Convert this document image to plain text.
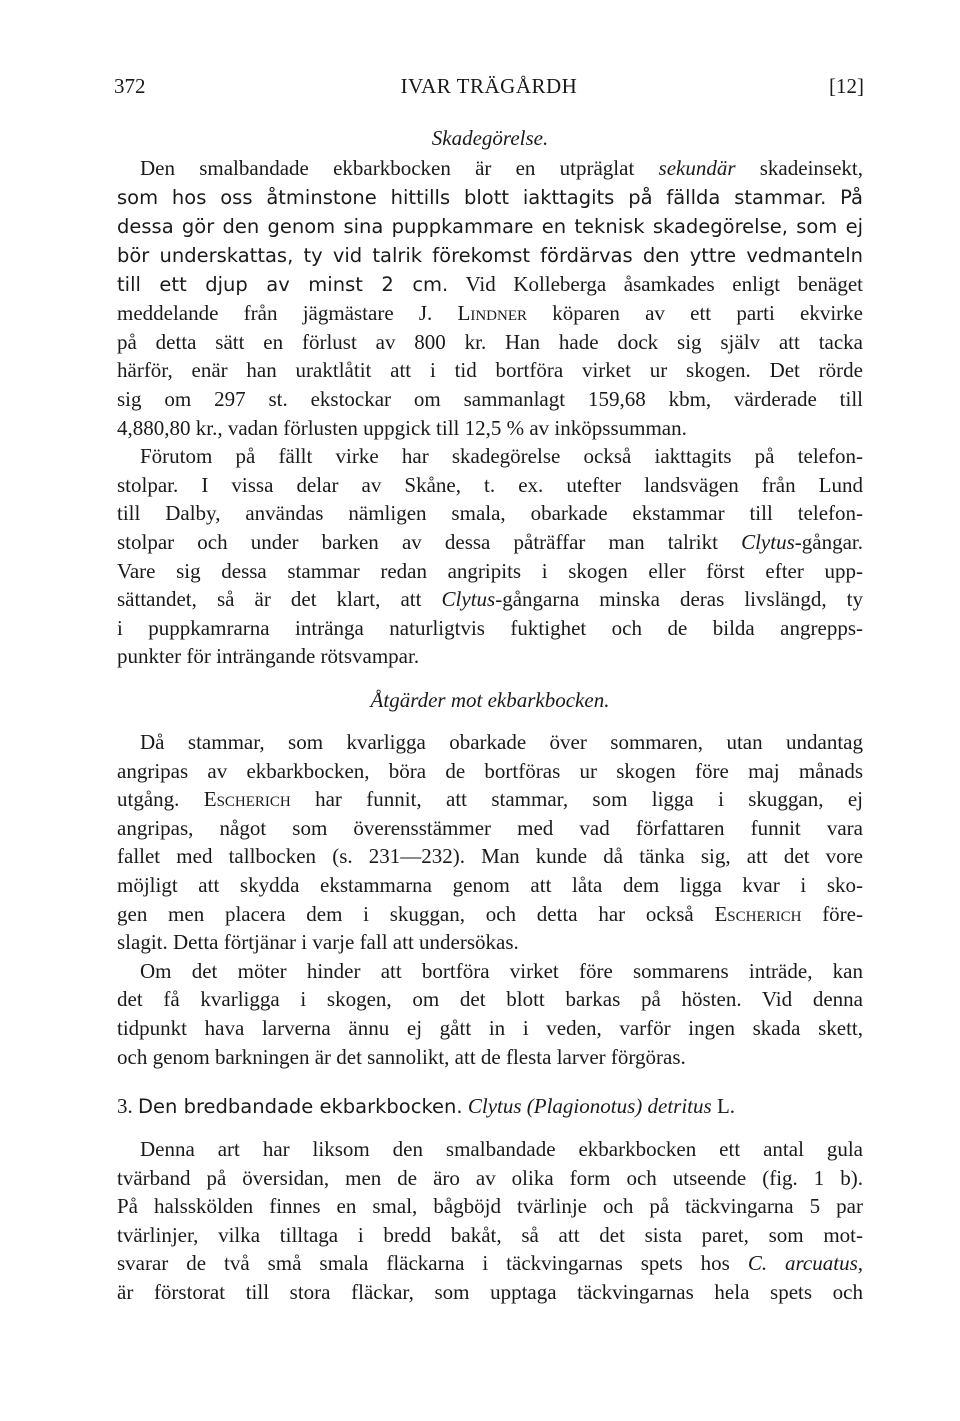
372	IVAR TRÄGÅRDH	[12]
Skadegörelse.
Den smalbandade ekbarkbocken är en utpräglat sekundär skadeinsekt,
som hos oss åtminstone hittills blott iakttagits på fällda stammar. På
dessa gör den genom sina puppkammare en teknisk skadegörelse, som ej
bör underskattas, ty vid talrik förekomst fördärvas den yttre vedmanteln
till ett djup av minst 2 cm. Vid Kolleberga åsamkades enligt benäget
meddelande från jägmästare J. Lindner köparen av ett parti ekvirke
på detta sätt en förlust av 800 kr. Han hade dock sig själv att tacka
härför, enär han uraktlåtit att i tid bortföra virket ur skogen. Det rörde
sig om 297 st. ekstockar om sammanlagt 159,68 kbm, värderade till
4,880,80 kr., vadan förlusten uppgick till 12,5 % av inköpssumman.
Förutom på fällt virke har skadegörelse också iakttagits på telefon-
stolpar. I vissa delar av Skåne, t. ex. utefter landsvägen från Lund
till Dalby, användas nämligen smala, obarkade ekstammar till telefon-
stolpar och under barken av dessa påträffar man talrikt Clytus-gångar.
Vare sig dessa stammar redan angripits i skogen eller först efter upp-
sättandet, så är det klart, att Clytus-gångarna minska deras livslängd, ty
i puppkamrarna intränga naturligtvis fuktighet och de bilda angrepps-
punkter för inträngande rötsvampar.
Åtgärder mot ekbarkbocken.
Då stammar, som kvarligga obarkade över sommaren, utan undantag
angripas av ekbarkbocken, böra de bortföras ur skogen före maj månads
utgång. Escherich har funnit, att stammar, som ligga i skuggan, ej
angripas, något som överensstämmer med vad författaren funnit vara
fallet med tallbocken (s. 231—232). Man kunde då tänka sig, att det vore
möjligt att skydda ekstammarna genom att låta dem ligga kvar i sko-
gen men placera dem i skuggan, och detta har också Escherich före-
slagit. Detta förtjänar i varje fall att undersökas.
Om det möter hinder att bortföra virket före sommarens inträde, kan
det få kvarligga i skogen, om det blott barkas på hösten. Vid denna
tidpunkt hava larverna ännu ej gått in i veden, varför ingen skada skett,
och genom barkningen är det sannolikt, att de flesta larver förgöras.
3. Den bredbandade ekbarkbocken. Clytus (Plagionotus) detritus L.
Denna art har liksom den smalbandade ekbarkbocken ett antal gula
tvärband på översidan, men de äro av olika form och utseende (fig. 1 b).
På halsskölden finnes en smal, bågböjd tvärlinje och på täckvingarna 5 par
tvärlinjer, vilka tilltaga i bredd bakåt, så att det sista paret, som mot-
svarar de två små smala fläckarna i täckvingarnas spets hos C. arcuatus,
är förstorat till stora fläckar, som upptaga täckvingarnas hela spets och
